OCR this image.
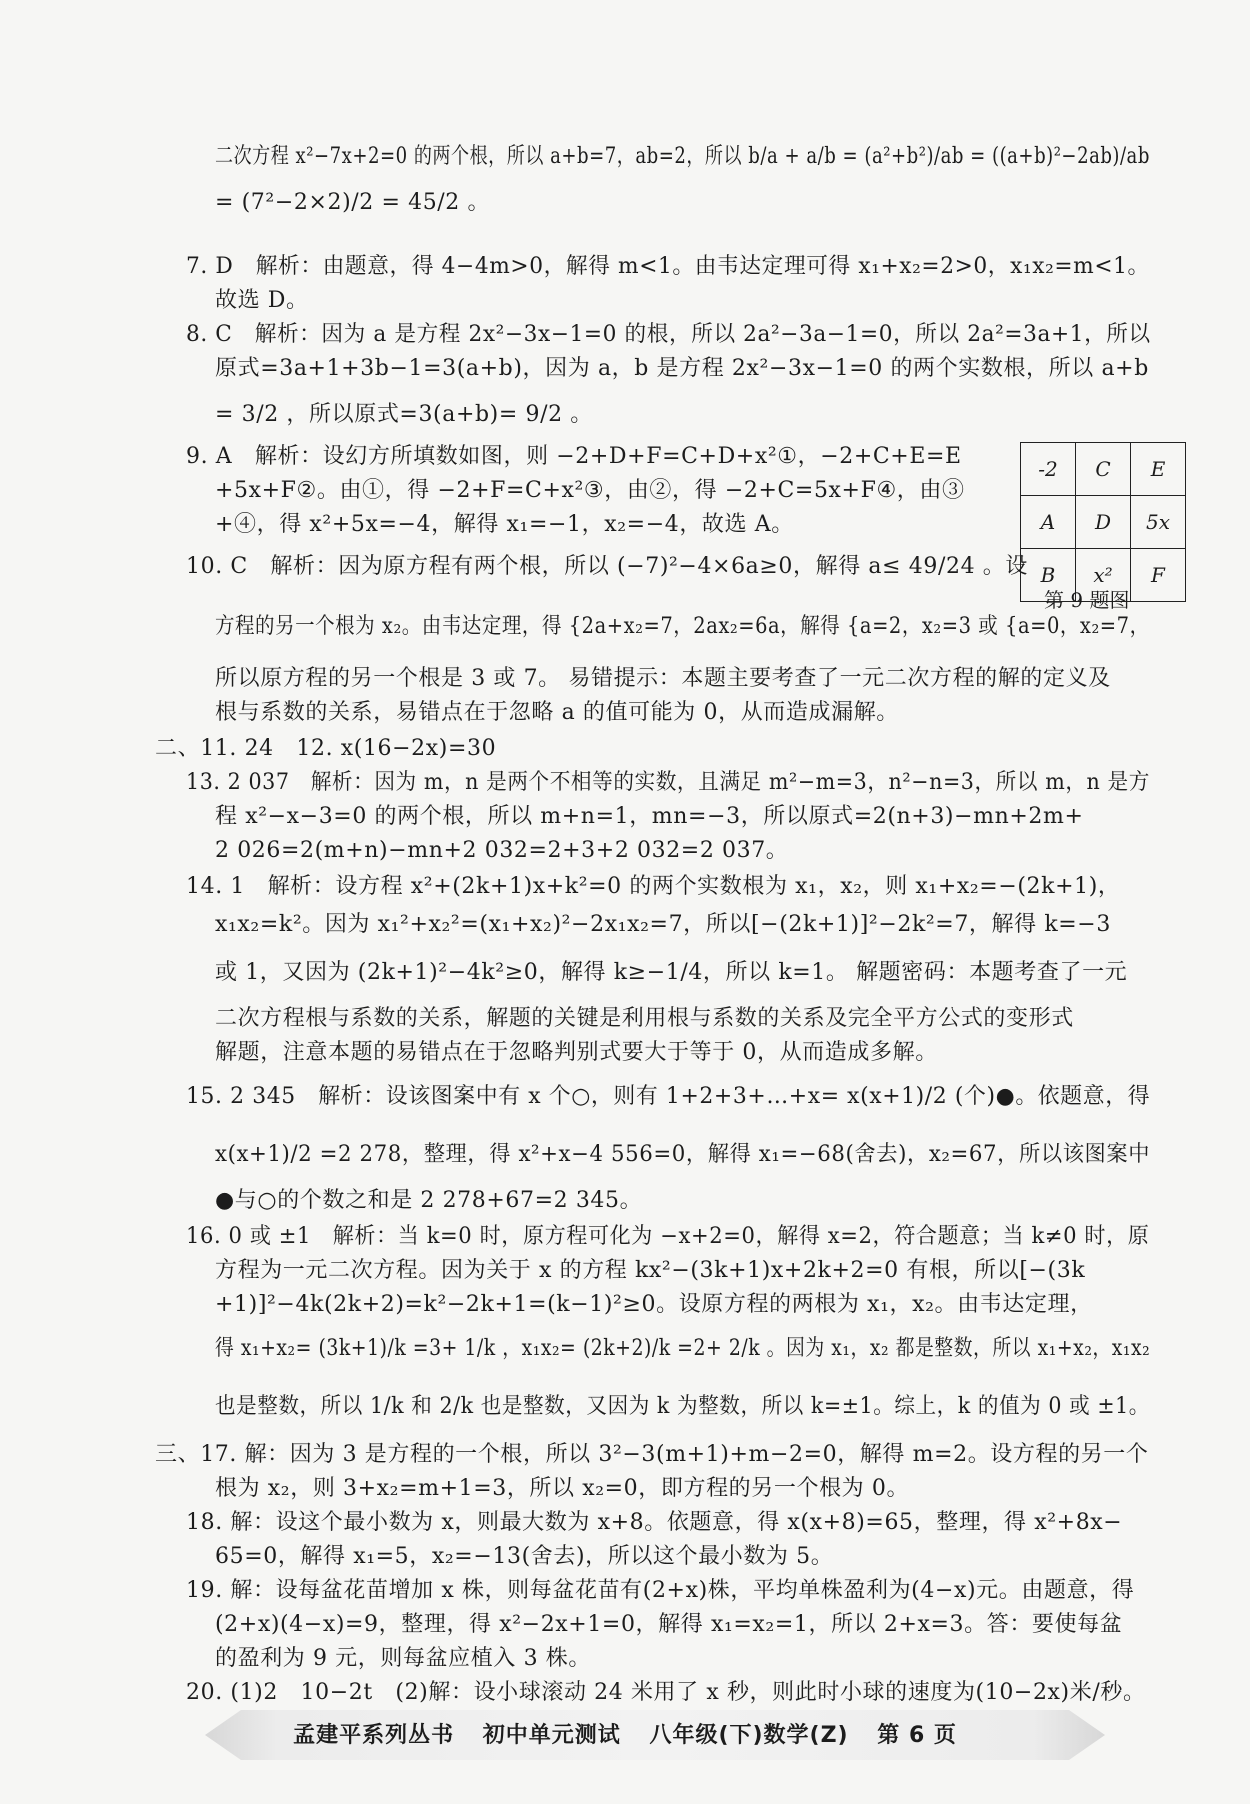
二次方程 x²−7x+2=0 的两个根，所以 a+b=7，ab=2，所以 b/a + a/b = (a²+b²)/ab = ((a+b)²−2ab)/ab
= (7²−2×2)/2 = 45/2 。
7. D　解析：由题意，得 4−4m>0，解得 m<1。由韦达定理可得 x₁+x₂=2>0，x₁x₂=m<1。
故选 D。
8. C　解析：因为 a 是方程 2x²−3x−1=0 的根，所以 2a²−3a−1=0，所以 2a²=3a+1，所以
原式=3a+1+3b−1=3(a+b)，因为 a，b 是方程 2x²−3x−1=0 的两个实数根，所以 a+b
= 3/2 ，所以原式=3(a+b)= 9/2 。
9. A　解析：设幻方所填数如图，则 −2+D+F=C+D+x²①，−2+C+E=E
+5x+F②。由①，得 −2+F=C+x²③，由②，得 −2+C=5x+F④，由③
+④，得 x²+5x=−4，解得 x₁=−1，x₂=−4，故选 A。
10. C　解析：因为原方程有两个根，所以 (−7)²−4×6a≥0，解得 a≤ 49/24 。设
方程的另一个根为 x₂。由韦达定理，得 {2a+x₂=7，2ax₂=6a，解得 {a=2，x₂=3 或 {a=0，x₂=7，
所以原方程的另一个根是 3 或 7。 易错提示：本题主要考查了一元二次方程的解的定义及
根与系数的关系，易错点在于忽略 a 的值可能为 0，从而造成漏解。
二、11. 24　12. x(16−2x)=30
13. 2 037　解析：因为 m，n 是两个不相等的实数，且满足 m²−m=3，n²−n=3，所以 m，n 是方
程 x²−x−3=0 的两个根，所以 m+n=1，mn=−3，所以原式=2(n+3)−mn+2m+
2 026=2(m+n)−mn+2 032=2+3+2 032=2 037。
14. 1　解析：设方程 x²+(2k+1)x+k²=0 的两个实数根为 x₁，x₂，则 x₁+x₂=−(2k+1)，
x₁x₂=k²。因为 x₁²+x₂²=(x₁+x₂)²−2x₁x₂=7，所以[−(2k+1)]²−2k²=7，解得 k=−3
或 1，又因为 (2k+1)²−4k²≥0，解得 k≥−1/4，所以 k=1。 解题密码：本题考查了一元
二次方程根与系数的关系，解题的关键是利用根与系数的关系及完全平方公式的变形式
解题，注意本题的易错点在于忽略判别式要大于等于 0，从而造成多解。
15. 2 345　解析：设该图案中有 x 个○，则有 1+2+3+…+x= x(x+1)/2 (个)●。依题意，得
x(x+1)/2 =2 278，整理，得 x²+x−4 556=0，解得 x₁=−68(舍去)，x₂=67，所以该图案中
●与○的个数之和是 2 278+67=2 345。
16. 0 或 ±1　解析：当 k=0 时，原方程可化为 −x+2=0，解得 x=2，符合题意；当 k≠0 时，原
方程为一元二次方程。因为关于 x 的方程 kx²−(3k+1)x+2k+2=0 有根，所以[−(3k
+1)]²−4k(2k+2)=k²−2k+1=(k−1)²≥0。设原方程的两根为 x₁，x₂。由韦达定理，
得 x₁+x₂= (3k+1)/k =3+ 1/k ，x₁x₂= (2k+2)/k =2+ 2/k 。因为 x₁，x₂ 都是整数，所以 x₁+x₂，x₁x₂
也是整数，所以 1/k 和 2/k 也是整数，又因为 k 为整数，所以 k=±1。综上，k 的值为 0 或 ±1。
三、17. 解：因为 3 是方程的一个根，所以 3²−3(m+1)+m−2=0，解得 m=2。设方程的另一个
根为 x₂，则 3+x₂=m+1=3，所以 x₂=0，即方程的另一个根为 0。
18. 解：设这个最小数为 x，则最大数为 x+8。依题意，得 x(x+8)=65，整理，得 x²+8x−
65=0，解得 x₁=5，x₂=−13(舍去)，所以这个最小数为 5。
19. 解：设每盆花苗增加 x 株，则每盆花苗有(2+x)株，平均单株盈利为(4−x)元。由题意，得
(2+x)(4−x)=9，整理，得 x²−2x+1=0，解得 x₁=x₂=1，所以 2+x=3。答：要使每盆
的盈利为 9 元，则每盆应植入 3 株。
20. (1)2　10−2t　(2)解：设小球滚动 24 米用了 x 秒，则此时小球的速度为(10−2x)米/秒。
-2	C	E
A	D	5x
B	x²	F
第 9 题图
孟建平系列丛书 初中单元测试 八年级(下)数学(Z) 第 6 页
